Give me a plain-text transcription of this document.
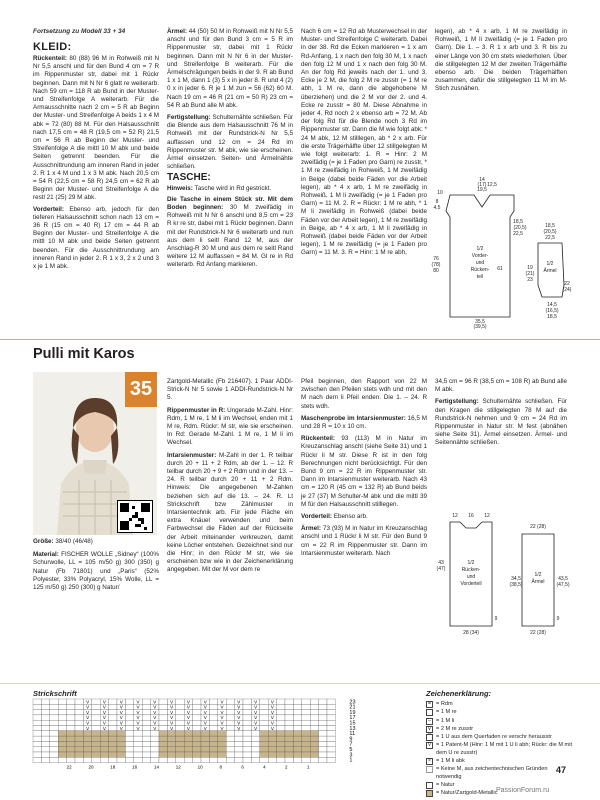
Fortsetzung zu Modell 33 + 34
KLEID:

Rückenteil: 80 (88) 96 M in Rohweiß mit N Nr 5,5 anschl und für den Bund 4 cm = 7 R im Rippenmuster str, dabei mit 1 Rückr beginnen. Dann mit N Nr 6 glatt re weiterarb. Nach 59 cm = 118 R ab Bund in der Muster- und Streifenfolge A weiterarb. Für die Armausschnitte nach 2 cm = 5 R ab Beginn der Muster- und Streifenfolge A beids 1 x 4 M abk = 72 (80) 88 M. Für den Halsausschnitt nach 17,5 cm = 48 R (19,5 cm = 52 R) 21,5 cm = 56 R ab Beginn der Muster- und Streifenfolge A die mittl 10 M abk und beide Seiten getrennt beenden. Für die Ausschnittrundung am inneren Rand in jeder 2. R 1 x 4 M und 1 x 3 M abk. Nach 20,5 cm = 54 R (22,5 cm = 58 R) 24,5 cm = 62 R ab Beginn der Muster- und Streifenfolge A die restl 21 (25) 29 M abk.

Vorderteil: Ebenso arb, jedoch für den tieferen Halsausschnitt schon nach 13 cm = 36 R (15 cm = 40 R) 17 cm = 44 R ab Beginn der Muster- und Streifenfolge A die mittl 10 M abk und beide Seiten getrennt beenden. Für die Ausschnittrundung am inneren Rand in jeder 2. R 1 x 3, 2 x 2 und 3 x je 1 M abk.

Ärmel: 44 (50) 50 M in Rohweiß mit N Nr 5,5 anschl und für den Bund 3 cm = 5 R im Rippenmuster str, dabei mit 1 Rückr beginnen. Dann mit N Nr 6 in der Muster- und Streifenfolge B weiterarb. Für die Ärmelschrägungen beids in der 9. R ab Bund 1 x 1 M, dann 1 (3) 5 x in jeder 8. R und 4 (2) 0 x in jeder 6. R je 1 M zun = 56 (62) 60 M. Nach 19 cm = 46 R (21 cm = 50 R) 23 cm = 54 R ab Bund alle M abk.

Fertigstellung: Schulternähte schließen. Für die Blende aus dem Halsausschnitt 76 M in Rohweiß mit der Rundstrick-N Nr 5,5 auffassen und 12 cm = 24 Rd im Rippenmuster str. M abk, wie sie erscheinen. Ärmel einsetzen. Seiten- und Ärmelnähte schließen.

TASCHE:

Hinweis: Tasche wird in Rd gestrickt.

Die Tasche in einem Stück str. Mit dem Boden beginnen: 30 M zweifädig in Rohweiß mit N Nr 6 anschl und 8,5 cm = 23 R kr re str, dabei mit 1 Rückr beginnen. Dann mit der Rundstrick-N Nr 6 weiterarb und nun aus dem li seitl Rand 12 M, aus der Anschlag-R 30 M und aus dem re seitl Rand weitere 12 M auffassen = 84 M. Gl re in Rd weiterarb. Rd Anfang markieren.

Nach 6 cm = 12 Rd ab Musterwechsel in der Muster- und Streifenfolge C weiterarb. Dabei in der 38. Rd die Ecken markieren = 1 x am Rd-Anfang, 1 x nach den folg 30 M, 1 x nach den folg 12 M und 1 x nach den folg 30 M. An der folg Rd jeweils nach der 1. und 3. Ecke je 2 M, die folg 2 M re zusstr (= 1 M re abh, 1 M re, dann die abgehobene M überziehen) und die 2 M vor der 2. und 4. Ecke re zusstr = 80 M. Diese Abnahme in jeder 4. Rd noch 2 x ebenso arb = 72 M. Ab der folg Rd für die Blende noch 3 Rd im Rippenmuster str. Dann die M wie folgt abk: * 24 M abk, 12 M stilllegen, ab * 2 x arb. Für die erste Trägerhälfte über 12 stillgelegten M wie folgt weiterarb: 1. R = Hinr: 2 M zweifädig (= je 1 Faden pro Garn) re zusstr, * 1 M re zweifädig in Rohweiß, 1 M zweifädig in Beige (dabei beide Fäden vor die Arbeit legen), ab * 4 x arb, 1 M re zweifädig in Rohweiß, 1 M li zweifädig (= je 1 Faden pro Garn) = 11 M. 2. R = Rückr: 1 M re abh, * 1 M li zweifädig in Rohweiß (dabei beide Fäden vor der Arbeit legen), 1 M re zweifädig in Beige, ab * 4 x arb, 1 M li zweifädig in Rohweiß (dabei beide Fäden vor der Arbeit legen), 1 M re zweifädig (= je 1 Faden pro Garn) = 11 M. 3. R = Hinr: 1 M re abh,

legen), ab * 4 x arb, 1 M re zweifädig in Rohweiß, 1 M li zweifädig (= je 1 Faden pro Garn). Die 1. – 3. R 1 x arb und 3. R bis zu einer Länge von 30 cm stets wiederholen. Über die stillgelegten 12 M der zweiten Trägerhälfte ebenso arb. Die beiden Trägerhälften zusammen, dafür die stillgelegten 11 M im M-Stich zusnähen.

10
14
(17)
19,5
12,5
8
4,5
76
(78)
80
18,5
(20,5)
22,5
61
1/2
Vorder-
und
Rücken-
teil
35,5
(39,5)
18,5
(20,5)
22,5
19
(21)
23
1/2
Ärmel
22
(24)
14,5
(16,5)
18,5
Pulli mit Karos
35

Größe: 38/40 (46/48)

Material: FISCHER WOLLE „Sidney“ (100% Schurwolle, LL = 105 m/50 g) 300 (350) g Natur (Fb 71801) und „Paris“ (52% Polyester, 33% Polyacryl, 15% Wolle, LL = 125 m/50 g) 250 (300) g Natur/

Zartgold-Metallic (Fb 216407). 1 Paar ADDI-Strick-N Nr 5 sowie 1 ADDI-Rundstrick-N Nr 5.

Rippenmuster in R: Ungerade M-Zahl. Hinr: Rdm, 1 M re, 1 M li im Wechsel, enden mit 1 M re, Rdm. Rückr: M str, wie sie erscheinen. In Rd: Gerade M-Zahl. 1 M re, 1 M li im Wechsel.

Intarsienmuster: M-Zahl in der 1. R teilbar durch 20 + 11 + 2 Rdm, ab der 1. – 12. R teilbar durch 20 + 9 + 2 Rdm und in der 13. – 24. R teilbar durch 20 + 11 + 2 Rdm. Hinweis: Die angegebenen M-Zahlen beziehen sich auf die 13. – 24. R. Lt Strickschrift bzw Zählmuster in Intarsientechnik arb. Für jede Fläche ein extra Knäuel verwenden und beim Farbwechsel die Fäden auf der Rückseite der Arbeit miteinander verkreuzen, damit keine Löcher entstehen. Gezeichnet sind nur die Hinr; in den Rückr M str, wie sie erscheinen bzw wie in der Zeichenerklärung angegeben. Mit der M vor dem re

Pfeil beginnen, den Rapport von 22 M zwischen den Pfeilen stets wdh und mit den M nach dem li Pfeil enden. Die 1. – 24. R stets wdh.

Maschenprobe im Intarsienmuster: 16,5 M und 28 R = 10 x 10 cm.

Rückenteil: 93 (113) M in Natur im Kreuzanschlag anschl (siehe Seite 31) und 1 Rückr li M str. Diese R ist in den folg Berechnungen nicht berücksichtigt. Für den Bund 9 cm = 22 R im Rippenmuster str. Dann im Intarsienmuster weiterarb. Nach 43 cm = 120 R (45 cm = 132 R) ab Bund beids je 27 (37) M Schulter-M abk und die mittl 39 M für den Halsausschnitt stilllegen.

Vorderteil: Ebenso arb.

Ärmel: 73 (93) M in Natur im Kreuzanschlag anschl und 1 Rückr li M str. Für den Bund 9 cm = 22 R im Rippenmuster str. Dann im Intarsienmuster weiterarb. Nach

34,5 cm = 96 R (38,5 cm = 108 R) ab Bund alle M abk.

Fertigstellung: Schulternähte schließen. Für den Kragen die stillgelegten 78 M auf die Rundstrick-N nehmen und 9 cm = 24 Rd im Rippenmuster in Natur str. M fest (abnähen siehe Seite 31). Ärmel einsetzen. Ärmel- und Seitennähte schließen.

12 16 12
43
(47)
1/2
Rücken-
und
Vorderteil
9
28 (34)
22 (28)
34,5
(38,5)
1/2
Ärmel	43,5
(47,5)
9
22 (28)
Strickschrift
V	V	V	V	V	V	V	V	V	V	V	V
V	V	V	V	V	V	V	V	V	V	V	V
V	V	V	V	V	V	V	V	V	V	V	V
V	V	V	V	V	V	V	V	V	V	V	V
V	V	V	V	V	V	V	V	V	V	V	V
V	V	V	V	V	V	V	V	V	V	V	V
23
21
19
17
15
13
11
9
7
5
3
1
22	20	18	16	14	12	10	8	6	4	2	1
Zeichenerklärung:
= = Rdm
= 1 M re
– = 1 M li
∨ = 2 M re zusstr
⌒ = 1 U aus dem Querfaden re verschr herausstr
V = 1 Patent-M (Hinr: 1 M mit 1 U li abh; Rückr: die M mit dem U re zusstr)
× = 1 M li abk
= Keine M, aus zeichentechnischen Gründen notwendig
= Natur
= Natur/Zartgold-Metallic
47
PassionForum.ru
